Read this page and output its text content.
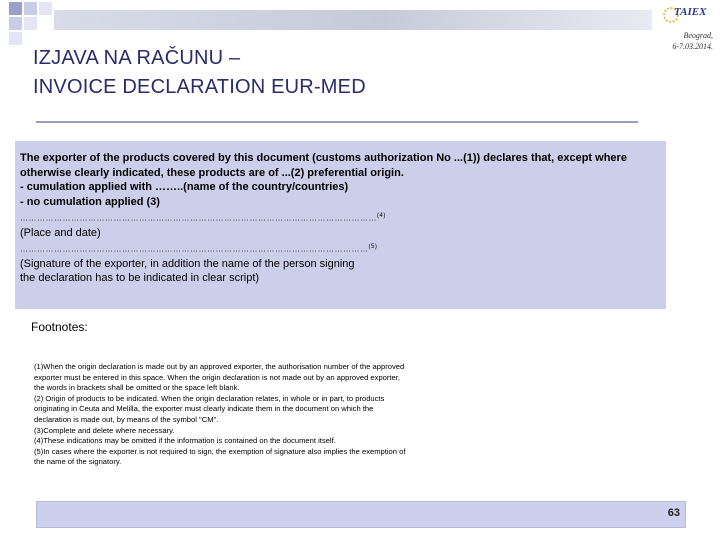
TAIEX
Beograd,
6-7.03.2014.
IZJAVA NA RAČUNU –
INVOICE DECLARATION EUR-MED
The exporter of the products covered by this document (customs authorization No ...(1)) declares that, except where
otherwise clearly indicated, these products are of ...(2) preferential origin.
- cumulation applied with ……..(name of the country/countries)
- no cumulation applied (3)
………………………………………………………………………………………………………………$^{(4)}$
(Place and date)
……………………………………………………………………………………………………………$^{(5)}$
(Signature of the exporter, in addition the name of the person signing
the declaration has to be indicated in clear script)
Footnotes:
(1)When the origin declaration is made out by an approved exporter, the authorisation number of the approved
exporter must be entered in this space. When the origin declaration is not made out by an approved exporter,
the words in brackets shall be omitted or the space left blank.
(2) Origin of products to be indicated. When the origin declaration relates, in whole or in part, to products
originating in Ceuta and Melilla, the exporter must clearly indicate them in the document on which the
declaration is made out, by means of the symbol "CM".
(3)Complete and delete where necessary.
(4)These indications may be omitted if the information is contained on the document itself.
(5)In cases where the exporter is not required to sign, the exemption of signature also implies the exemption of
the name of the signatory.
63
